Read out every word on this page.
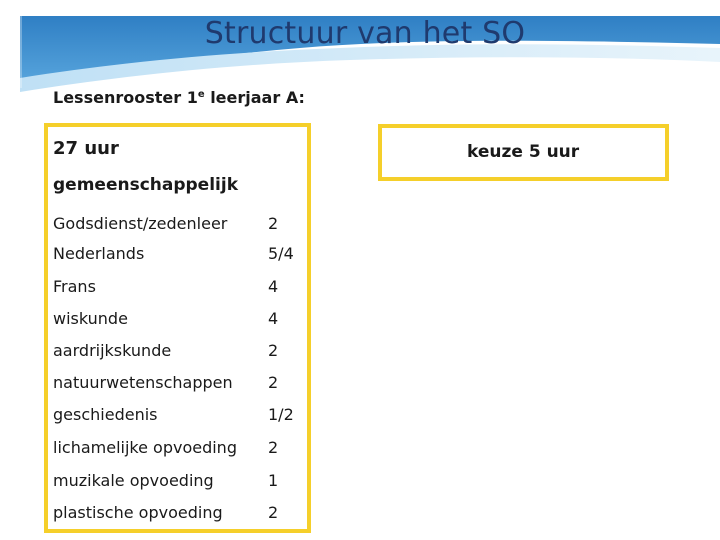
Structuur van het SO
Lessenrooster 1e leerjaar A:
27 uur	keuze 5 uur
gemeenschappelijk
Godsdienst/zedenleer	2
Nederlands	5/4
Frans	4
wiskunde	4
aardrijkskunde	2
natuurwetenschappen 2
geschiedenis	1/2
lichamelijke opvoeding 2
muzikale opvoeding	1
plastische opvoeding	2
